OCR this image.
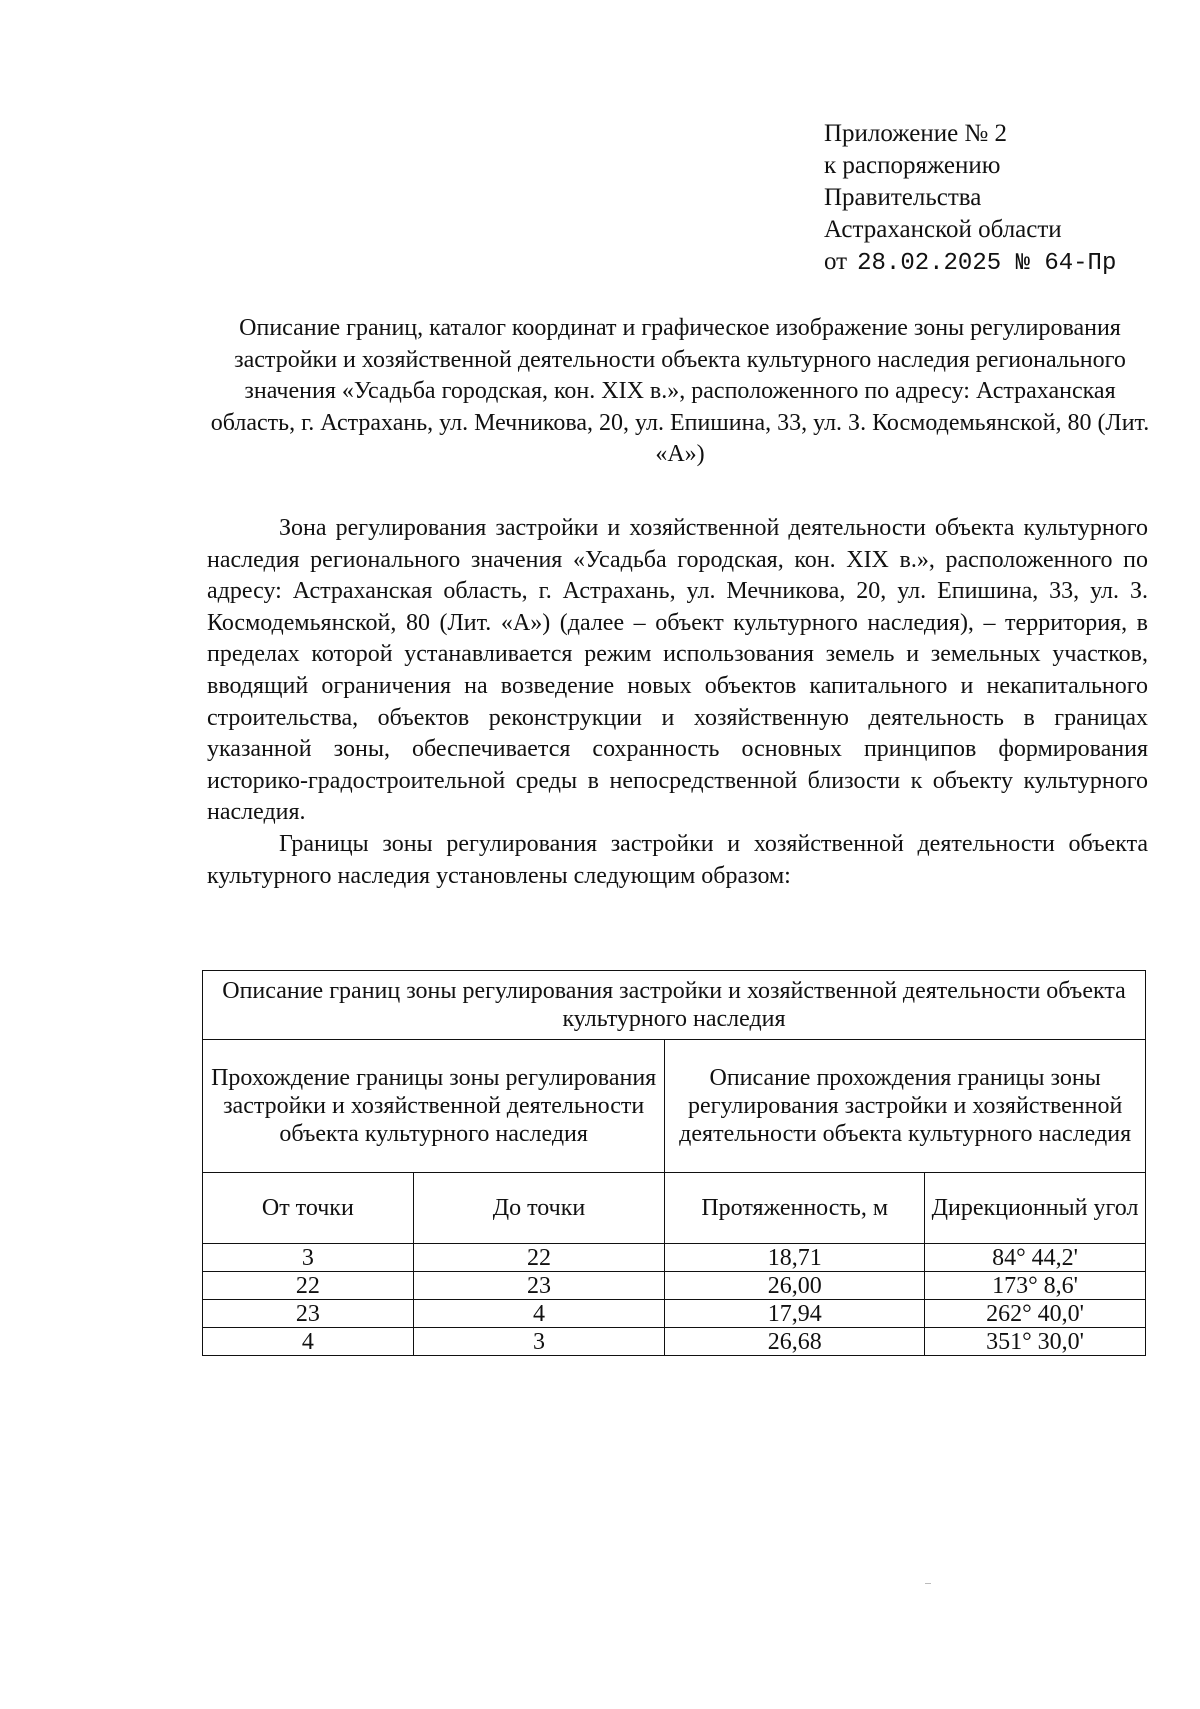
Приложение № 2
к распоряжению
Правительства
Астраханской области
от 28.02.2025 № 64-Пр
Описание границ, каталог координат и графическое изображение зоны регулирования застройки и хозяйственной деятельности объекта культурного наследия регионального значения «Усадьба городская, кон. XIX в.», расположенного по адресу: Астраханская область, г. Астрахань, ул. Мечникова, 20, ул. Епишина, 33, ул. З. Космодемьянской, 80 (Лит. «А»)

Зона регулирования застройки и хозяйственной деятельности объекта культурного наследия регионального значения «Усадьба городская, кон. XIX в.», расположенного по адресу: Астраханская область, г. Астрахань, ул. Мечникова, 20, ул. Епишина, 33, ул. З. Космодемьянской, 80 (Лит. «А») (далее – объект культурного наследия), – территория, в пределах которой устанавливается режим использования земель и земельных участков, вводящий ограничения на возведение новых объектов капитального и некапитального строительства, объектов реконструкции и хозяйственную деятельность в границах указанной зоны, обеспечивается сохранность основных принципов формирования историко-градостроительной среды в непосредственной близости к объекту культурного наследия.

Границы зоны регулирования застройки и хозяйственной деятельности объекта культурного наследия установлены следующим образом:

Описание границ зоны регулирования застройки и хозяйственной деятельности объекта культурного наследия			
Прохождение границы зоны регулирования застройки и хозяйственной деятельности объекта культурного наследия		Описание прохождения границы зоны регулирования застройки и хозяйственной деятельности объекта культурного наследия	
От точки	До точки	Протяженность, м	Дирекционный угол
3	22	18,71	84° 44,2'
22	23	26,00	173° 8,6'
23	4	17,94	262° 40,0'
4	3	26,68	351° 30,0'
